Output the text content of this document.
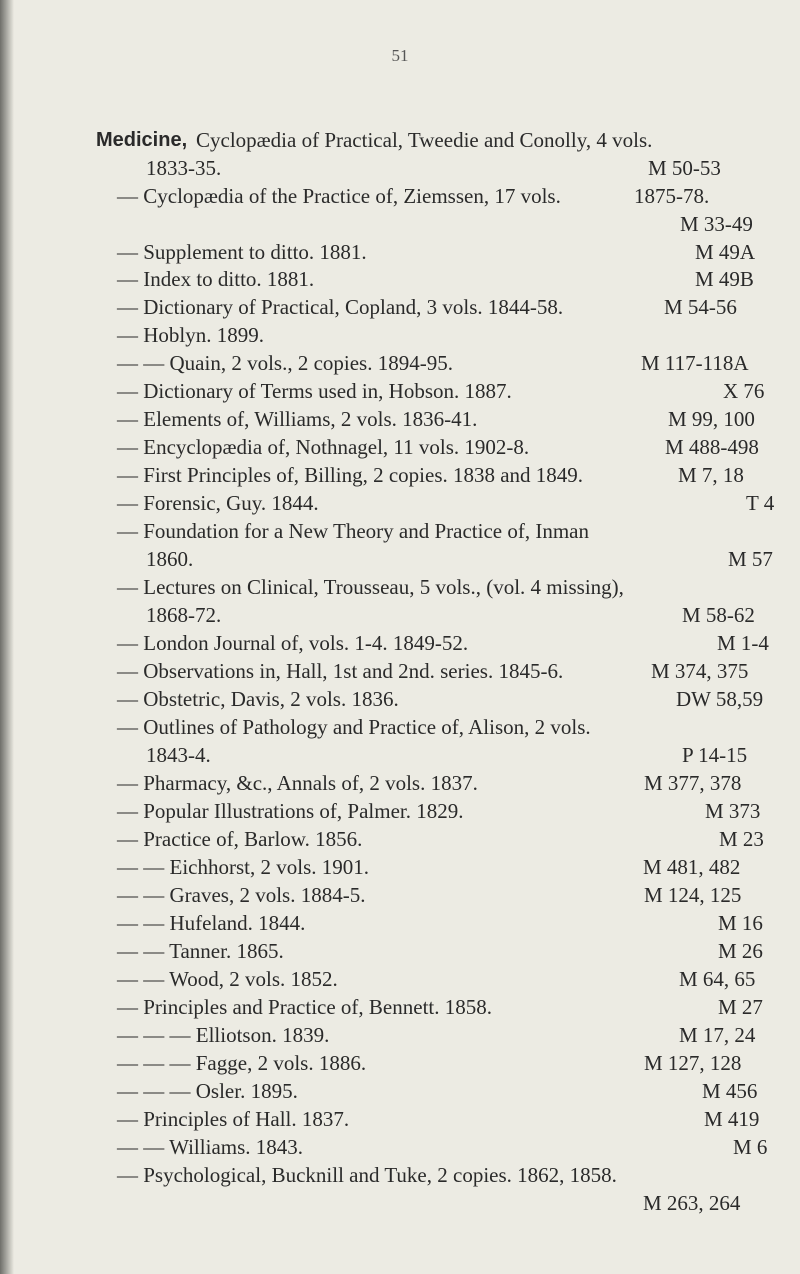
51
Medicine, Cyclopædia of Practical, Tweedie and Conolly, 4 vols.
1833-35.	M 50-53
— Cyclopædia of the Practice of, Ziemssen, 17 vols.	1875-78.
M 33-49
— Supplement to ditto. 1881.	M 49A
— Index to ditto. 1881.	M 49B
— Dictionary of Practical, Copland, 3 vols. 1844-58.	M 54-56
— Hoblyn. 1899.
— — Quain, 2 vols., 2 copies. 1894-95.	M 117-118A
— Dictionary of Terms used in, Hobson. 1887.	X 76
— Elements of, Williams, 2 vols. 1836-41.	M 99, 100
— Encyclopædia of, Nothnagel, 11 vols. 1902-8.	M 488-498
— First Principles of, Billing, 2 copies. 1838 and 1849.	M 7, 18
— Forensic, Guy. 1844.	T 4
— Foundation for a New Theory and Practice of, Inman
1860.	M 57
— Lectures on Clinical, Trousseau, 5 vols., (vol. 4 missing),
1868-72.	M 58-62
— London Journal of, vols. 1-4. 1849-52.	M 1-4
— Observations in, Hall, 1st and 2nd. series. 1845-6.	M 374, 375
— Obstetric, Davis, 2 vols. 1836.	DW 58,59
— Outlines of Pathology and Practice of, Alison, 2 vols.
1843-4.	P 14-15
— Pharmacy, &c., Annals of, 2 vols. 1837.	M 377, 378
— Popular Illustrations of, Palmer. 1829.	M 373
— Practice of, Barlow. 1856.	M 23
— — Eichhorst, 2 vols. 1901.	M 481, 482
— — Graves, 2 vols. 1884-5.	M 124, 125
— — Hufeland. 1844.	M 16
— — Tanner. 1865.	M 26
— — Wood, 2 vols. 1852.	M 64, 65
— Principles and Practice of, Bennett. 1858.	M 27
— — — Elliotson. 1839.	M 17, 24
— — — Fagge, 2 vols. 1886.	M 127, 128
— — — Osler. 1895.	M 456
— Principles of Hall. 1837.	M 419
— — Williams. 1843.	M 6
— Psychological, Bucknill and Tuke, 2 copies. 1862, 1858.
M 263, 264
